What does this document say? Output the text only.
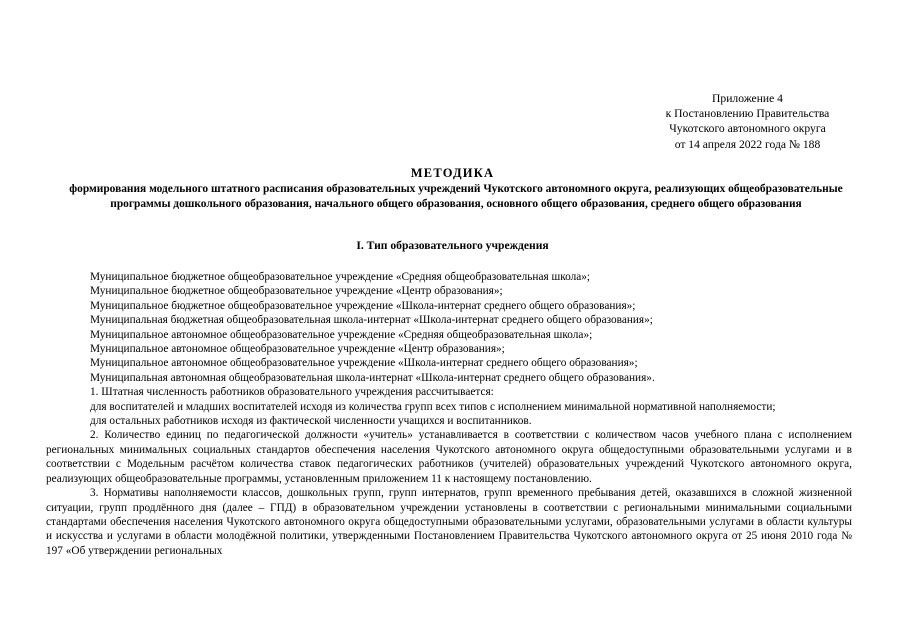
Приложение 4
к Постановлению Правительства
Чукотского автономного округа
от 14 апреля 2022 года № 188
МЕТОДИКА
формирования модельного штатного расписания образовательных учреждений Чукотского автономного округа, реализующих общеобразовательные программы дошкольного образования, начального общего образования, основного общего образования, среднего общего образования
I. Тип образовательного учреждения

Муниципальное бюджетное общеобразовательное учреждение «Средняя общеобразовательная школа»;

Муниципальное бюджетное общеобразовательное учреждение «Центр образования»;

Муниципальное бюджетное общеобразовательное учреждение «Школа-интернат среднего общего образования»;

Муниципальная бюджетная общеобразовательная школа-интернат «Школа-интернат среднего общего образования»;

Муниципальное автономное общеобразовательное учреждение «Средняя общеобразовательная школа»;

Муниципальное автономное общеобразовательное учреждение «Центр образования»;

Муниципальное автономное общеобразовательное учреждение «Школа-интернат среднего общего образования»;

Муниципальная автономная общеобразовательная школа-интернат «Школа-интернат среднего общего образования».

1. Штатная численность работников образовательного учреждения рассчитывается:

для воспитателей и младших воспитателей исходя из количества групп всех типов с исполнением минимальной нормативной наполняемости;

для остальных работников исходя из фактической численности учащихся и воспитанников.

2. Количество единиц по педагогической должности «учитель» устанавливается в соответствии с количеством часов учебного плана с исполнением региональных минимальных социальных стандартов обеспечения населения Чукотского автономного округа общедоступными образовательными услугами и в соответствии с Модельным расчётом количества ставок педагогических работников (учителей) образовательных учреждений Чукотского автономного округа, реализующих общеобразовательные программы, установленным приложением 11 к настоящему постановлению.

3. Нормативы наполняемости классов, дошкольных групп, групп интернатов, групп временного пребывания детей, оказавшихся в сложной жизненной ситуации, групп продлённого дня (далее – ГПД) в образовательном учреждении установлены в соответствии с региональными минимальными социальными стандартами обеспечения населения Чукотского автономного округа общедоступными образовательными услугами, образовательными услугами в области культуры и искусства и услугами в области молодёжной политики, утвержденными Постановлением Правительства Чукотского автономного округа от 25 июня 2010 года № 197 «Об утверждении региональных
